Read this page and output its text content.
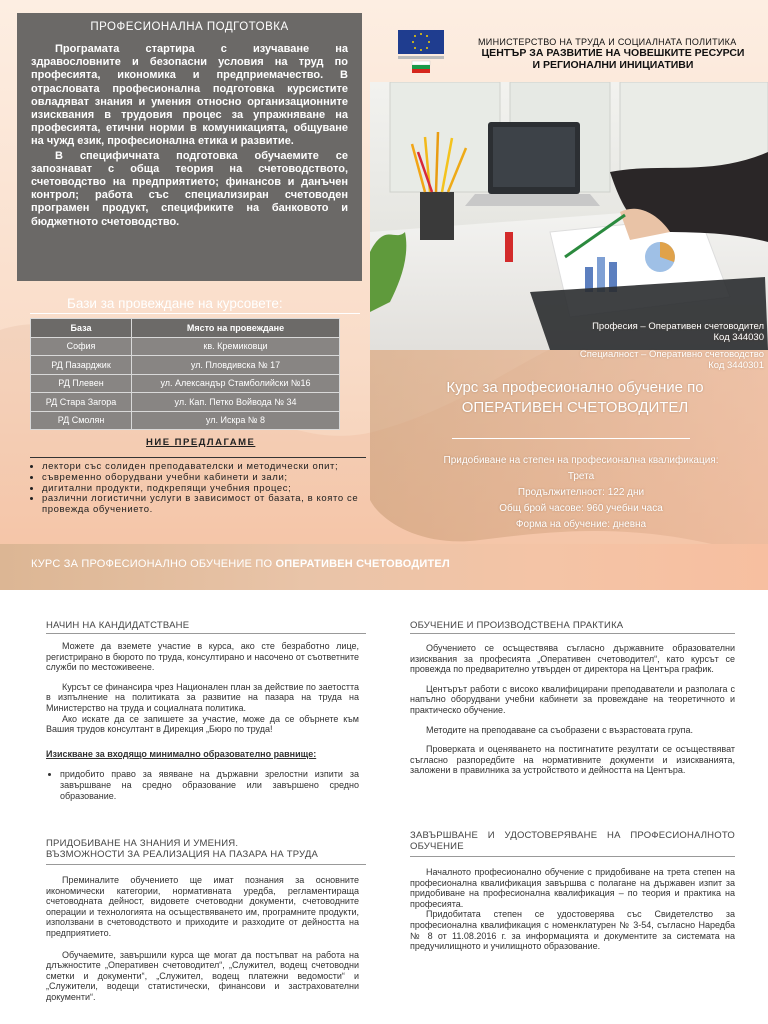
ПРОФЕСИОНАЛНА ПОДГОТОВКА

Програмата стартира с изучаване на здравословните и безопасни условия на труд по професията, икономика и предприемачество. В отрасловата професионална подготовка курсистите овладяват знания и умения относно организационните изисквания в трудовия процес за упражняване на професията, етични норми в комуникацията, общуване на чужд език, професионална етика и развитие.

В специфичната подготовка обучаемите се запознават с обща теория на счетоводството, счетоводство на предприятието; финансов и данъчен контрол; работа със специализиран счетоводен програмен продукт, спецификите на банковото и бюджетното счетоводство.

Бази за провеждане на курсовете:
База	Място на провеждане
София	кв. Кремиковци
РД Пазарджик	ул. Пловдивска № 17
РД Плевен	ул. Александър Стамболийски №16
РД Стара Загора	ул. Кап. Петко Войвода № 34
РД Смолян	ул. Искра № 8
НИЕ ПРЕДЛАГАМЕ
• лектори със солиден преподавателски и методически опит;
• съвременно оборудвани учебни кабинети и зали;
• дигитални продукти, подкрепящи учебния процес;
• различни логистични услуги в зависимост от базата, в която се провежда обучението.
МИНИСТЕРСТВО НА ТРУДА И СОЦИАЛНАТА ПОЛИТИКА
ЦЕНТЪР ЗА РАЗВИТИЕ НА ЧОВЕШКИТЕ РЕСУРСИ
И РЕГИОНАЛНИ ИНИЦИАТИВИ
Професия – Оперативен счетоводител
Код 344030
Специалност – Оперативно счетоводство
Код 3440301
Курс за професионално обучение по
ОПЕРАТИВЕН СЧЕТОВОДИТЕЛ
Придобиване на степен на професионална квалификация:
Трета
Продължителност: 122 дни
Общ брой часове: 960 учебни часа
Форма на обучение: дневна
КУРС ЗА ПРОФЕСИОНАЛНО ОБУЧЕНИЕ ПО ОПЕРАТИВЕН СЧЕТОВОДИТЕЛ
НАЧИН НА КАНДИДАТСТВАНЕ

Можете да вземете участие в курса, ако сте безработно лице, регистрирано в бюрото по труда, консултирано и насочено от съответните служби по местоживеене.

Курсът се финансира чрез Национален план за действие по заетостта в изпълнение на политиката за развитие на пазара на труда на Министерство на труда и социалната политика.

Ако искате да се запишете за участие, може да се обърнете към Вашия трудов консултант в Дирекция „Бюро по труда!

Изискване за входящо минимално образователно равнище:

• придобито право за явяване на държавни зрелостни изпити за завършване на средно образование или завършено средно образование.
ОБУЧЕНИЕ И ПРОИЗВОДСТВЕНА ПРАКТИКА

Обучението се осъществява съгласно държавните образователни изисквания за професията „Оперативен счетоводител“, като курсът се провежда по предварително утвърден от директора на Центъра график.

Центърът работи с високо квалифицирани преподаватели и разполага с напълно оборудвани учебни кабинети за провеждане на теоретичното и практическо обучение.

Методите на преподаване са съобразени с възрастовата група.

Проверката и оценяването на постигнатите резултати се осъществяват съгласно разпоредбите на нормативните документи и изискванията, заложени в правилника за устройството и дейността на Центъра.

ПРИДОБИВАНЕ НА ЗНАНИЯ И УМЕНИЯ.
ВЪЗМОЖНОСТИ ЗА РЕАЛИЗАЦИЯ НА ПАЗАРА НА ТРУДА

Преминалите обучението ще имат познания за основните икономически категории, нормативната уредба, регламентираща счетоводната дейност, видовете счетоводни документи, счетоводните операции и технологията на осъществяването им, програмните продукти, използвани в счетоводството и приходите и разходите от дейността на предприятието.

Обучаемите, завършили курса ще могат да постъпват на работа на длъжностите „Оперативен счетоводител“, „Служител, водещ счетоводни сметки и документи“, „Служител, водещ платежни ведомости“ и „Служители, водещи статистически, финансови и застрахователни документи“.

ЗАВЪРШВАНЕ И УДОСТОВЕРЯВАНЕ НА ПРОФЕСИОНАЛНОТО ОБУЧЕНИЕ

Началното професионално обучение с придобиване на трета степен на професионална квалификация завършва с полагане на държавен изпит за придобиване на професионална квалификация – по теория и практика на професията.

Придобитата степен се удостоверява със Свидетелство за професионална квалификация с номенклатурен № 3-54, съгласно Наредба № 8 от 11.08.2016 г. за информацията и документите за системата на предучилищното и училищното образование.
